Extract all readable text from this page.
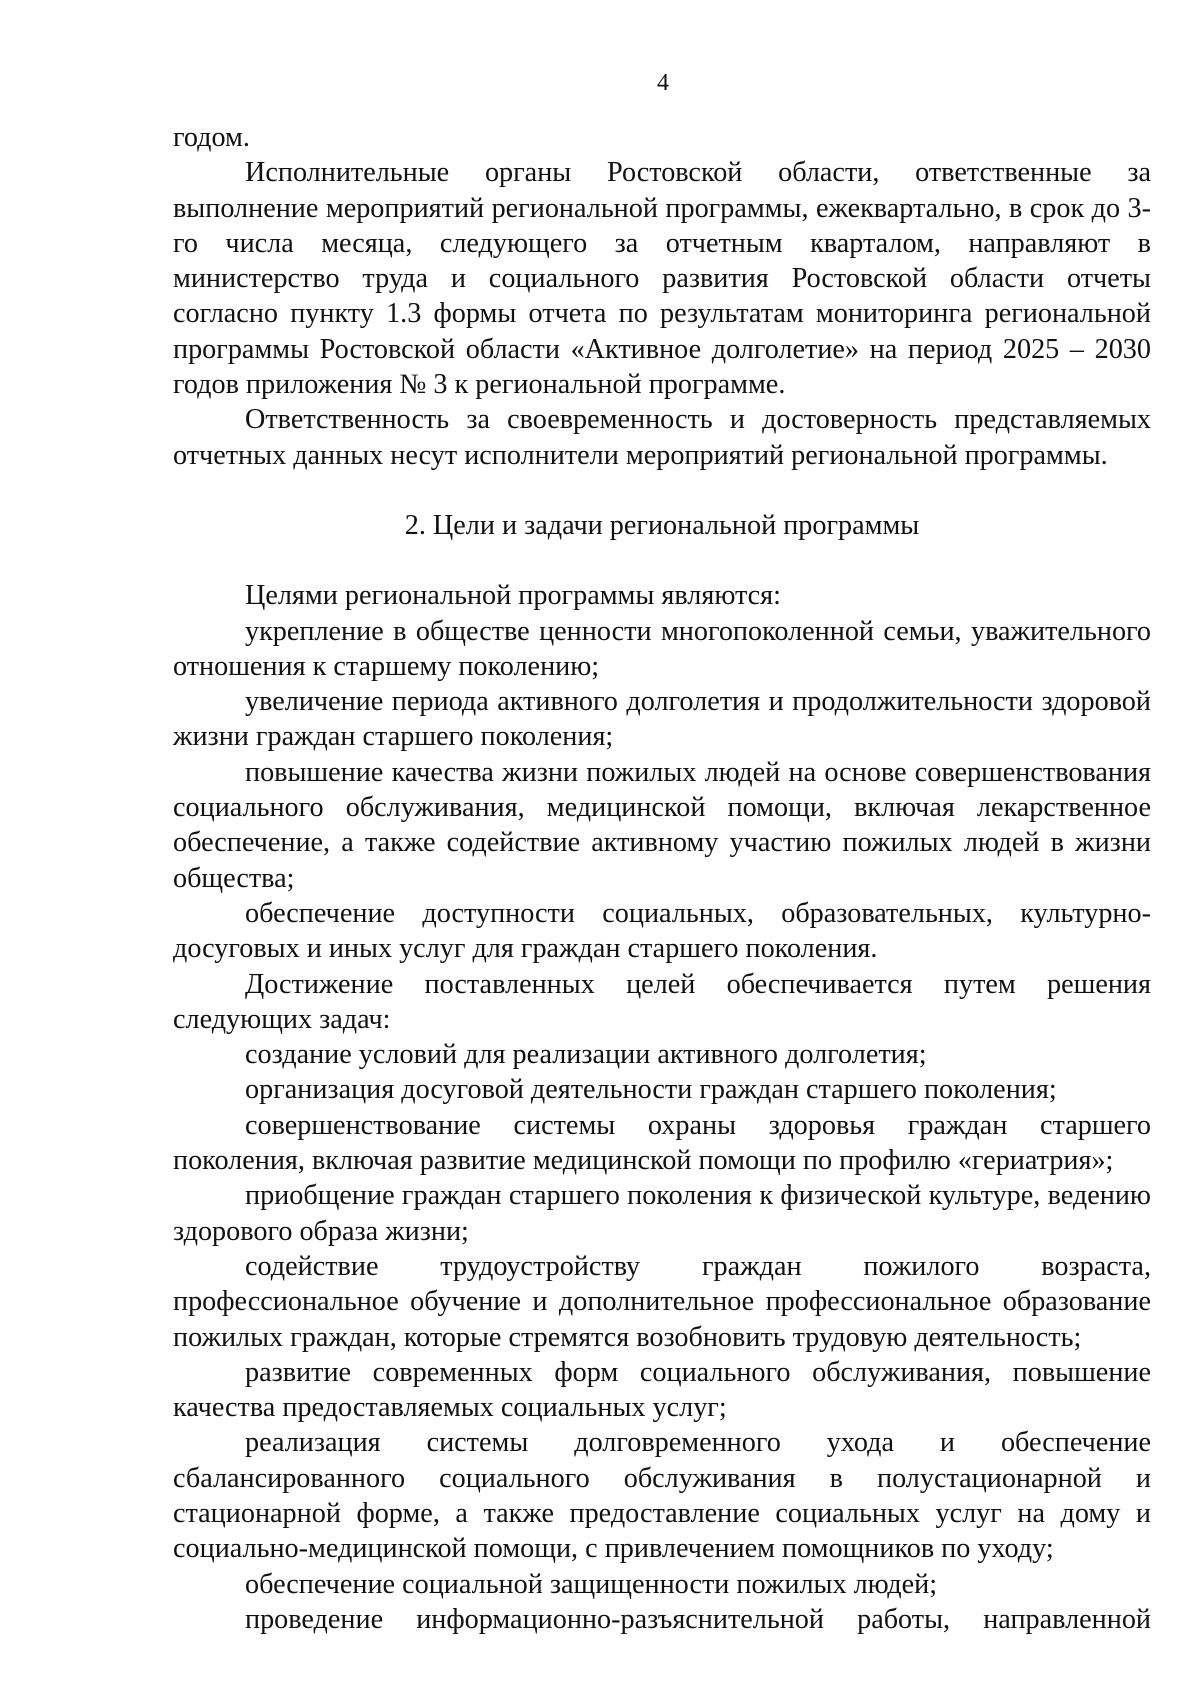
4

годом.

Исполнительные органы Ростовской области, ответственные за выполнение мероприятий региональной программы, ежеквартально, в срок до 3-го числа месяца, следующего за отчетным кварталом, направляют в министерство труда и социального развития Ростовской области отчеты согласно пункту 1.3 формы отчета по результатам мониторинга региональной программы Ростовской области «Активное долголетие» на период 2025 – 2030 годов приложения № 3 к региональной программе.

Ответственность за своевременность и достоверность представляемых отчетных данных несут исполнители мероприятий региональной программы.

2. Цели и задачи региональной программы

Целями региональной программы являются:

укрепление в обществе ценности многопоколенной семьи, уважительного отношения к старшему поколению;

увеличение периода активного долголетия и продолжительности здоровой жизни граждан старшего поколения;

повышение качества жизни пожилых людей на основе совершенствования социального обслуживания, медицинской помощи, включая лекарственное обеспечение, а также содействие активному участию пожилых людей в жизни общества;

обеспечение доступности социальных, образовательных, культурно-досуговых и иных услуг для граждан старшего поколения.

Достижение поставленных целей обеспечивается путем решения следующих задач:

создание условий для реализации активного долголетия;

организация досуговой деятельности граждан старшего поколения;

совершенствование системы охраны здоровья граждан старшего поколения, включая развитие медицинской помощи по профилю «гериатрия»;

приобщение граждан старшего поколения к физической культуре, ведению здорового образа жизни;

содействие трудоустройству граждан пожилого возраста, профессиональное обучение и дополнительное профессиональное образование пожилых граждан, которые стремятся возобновить трудовую деятельность;

развитие современных форм социального обслуживания, повышение качества предоставляемых социальных услуг;

реализация системы долговременного ухода и обеспечение сбалансированного социального обслуживания в полустационарной и стационарной форме, а также предоставление социальных услуг на дому и социально-медицинской помощи, с привлечением помощников по уходу;

обеспечение социальной защищенности пожилых людей;

проведение информационно-разъяснительной работы, направленной
